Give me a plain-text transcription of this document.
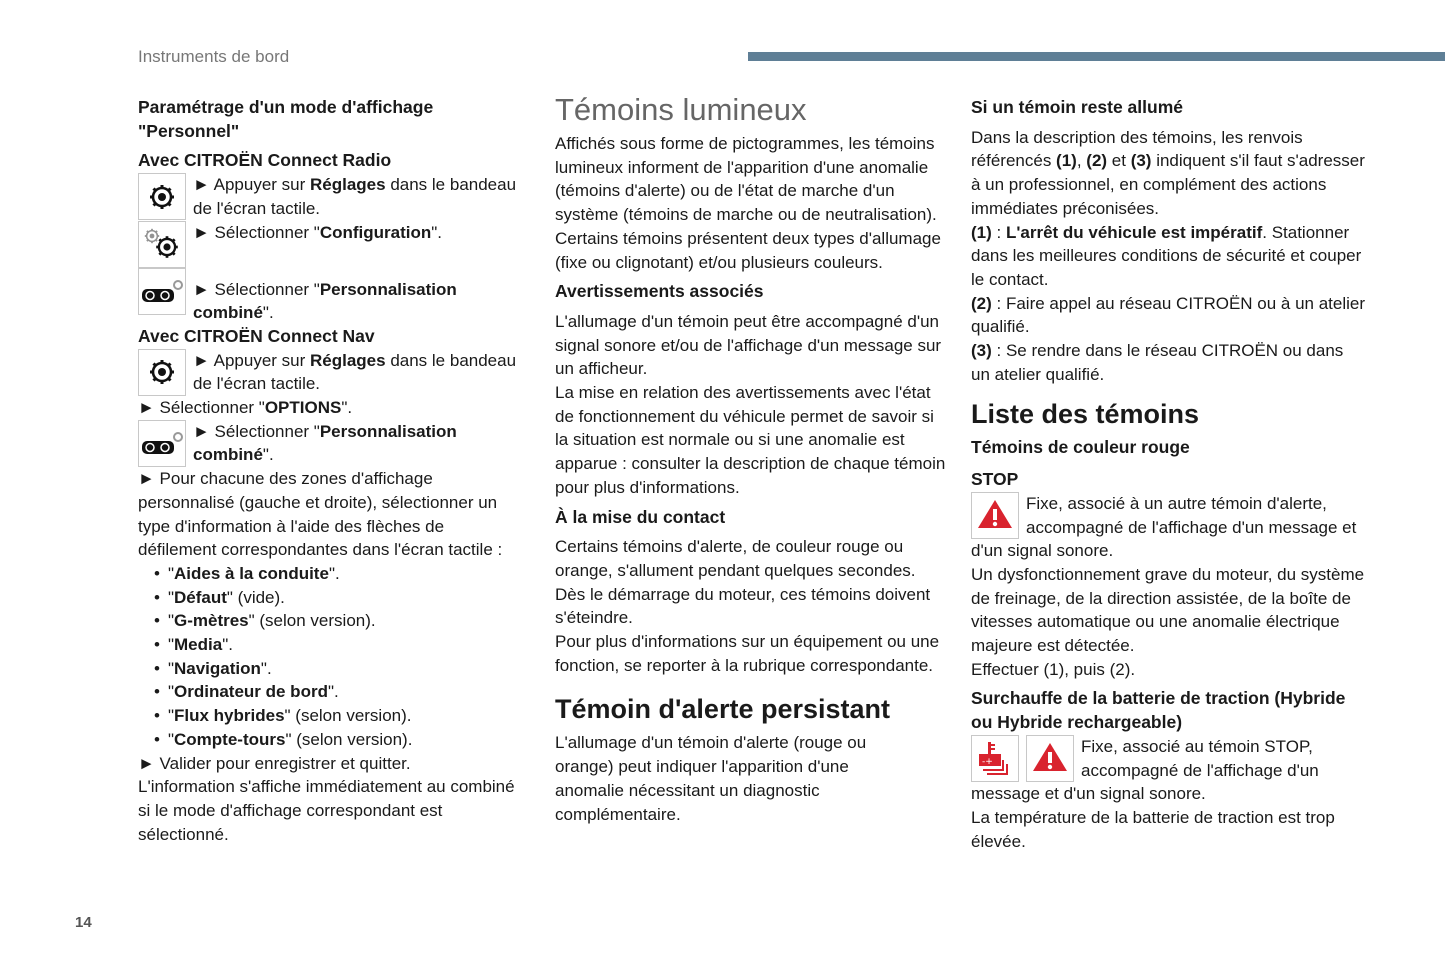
Instruments de bord
14
Paramétrage d'un mode d'affichage "Personnel"
Avec CITROËN Connect Radio

► Appuyer sur Réglages dans le bandeau de l'écran tactile.

► Sélectionner "Configuration".

► Sélectionner "Personnalisation combiné".

Avec CITROËN Connect Nav

► Appuyer sur Réglages dans le bandeau de l'écran tactile.

► Sélectionner "OPTIONS".

► Sélectionner "Personnalisation combiné".

► Pour chacune des zones d'affichage personnalisé (gauche et droite), sélectionner un type d'information à l'aide des flèches de défilement correspondantes dans l'écran tactile :

• "Aides à la conduite".
• "Défaut" (vide).
• "G-mètres" (selon version).
• "Media".
• "Navigation".
• "Ordinateur de bord".
• "Flux hybrides" (selon version).
• "Compte-tours" (selon version).

► Valider pour enregistrer et quitter.

L'information s'affiche immédiatement au combiné si le mode d'affichage correspondant est sélectionné.

Témoins lumineux

Affichés sous forme de pictogrammes, les témoins lumineux informent de l'apparition d'une anomalie (témoins d'alerte) ou de l'état de marche d'un système (témoins de marche ou de neutralisation). Certains témoins présentent deux types d'allumage (fixe ou clignotant) et/ou plusieurs couleurs.

Avertissements associés

L'allumage d'un témoin peut être accompagné d'un signal sonore et/ou de l'affichage d'un message sur un afficheur.

La mise en relation des avertissements avec l'état de fonctionnement du véhicule permet de savoir si la situation est normale ou si une anomalie est apparue : consulter la description de chaque témoin pour plus d'informations.

À la mise du contact

Certains témoins d'alerte, de couleur rouge ou orange, s'allument pendant quelques secondes. Dès le démarrage du moteur, ces témoins doivent s'éteindre.

Pour plus d'informations sur un équipement ou une fonction, se reporter à la rubrique correspondante.

Témoin d'alerte persistant

L'allumage d'un témoin d'alerte (rouge ou orange) peut indiquer l'apparition d'une anomalie nécessitant un diagnostic complémentaire.

Si un témoin reste allumé

Dans la description des témoins, les renvois référencés (1), (2) et (3) indiquent s'il faut s'adresser à un professionnel, en complément des actions immédiates préconisées.

(1) : L'arrêt du véhicule est impératif. Stationner dans les meilleures conditions de sécurité et couper le contact.

(2) : Faire appel au réseau CITROËN ou à un atelier qualifié.

(3) : Se rendre dans le réseau CITROËN ou dans un atelier qualifié.

Liste des témoins
Témoins de couleur rouge
STOP

Fixe, associé à un autre témoin d'alerte, accompagné de l'affichage d'un message et d'un signal sonore.

Un dysfonctionnement grave du moteur, du système de freinage, de la direction assistée, de la boîte de vitesses automatique ou une anomalie électrique majeure est détectée.

Effectuer (1), puis (2).

Surchauffe de la batterie de traction (Hybride ou Hybride rechargeable)
-+

Fixe, associé au témoin STOP, accompagné de l'affichage d'un message et d'un signal sonore.

La température de la batterie de traction est trop élevée.
